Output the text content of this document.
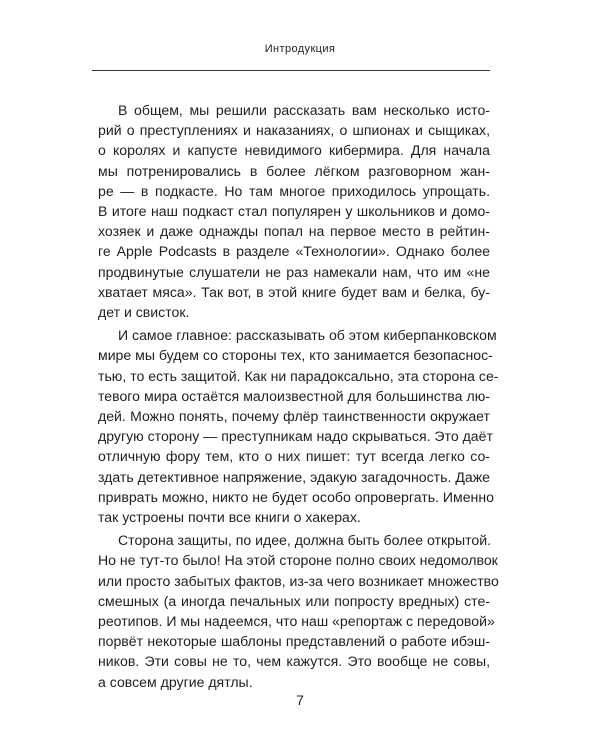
Интродукция

В общем, мы решили рассказать вам несколько исто-
рий о преступлениях и наказаниях, о шпионах и сыщиках,
о королях и капусте невидимого кибермира. Для начала
мы потренировались в более лёгком разговорном жан-
ре — в подкасте. Но там многое приходилось упрощать.
В итоге наш подкаст стал популярен у школьников и домо-
хозяек и даже однажды попал на первое место в рейтин-
ге Apple Podcasts в разделе «Технологии». Однако более
продвинутые слушатели не раз намекали нам, что им «не
хватает мяса». Так вот, в этой книге будет вам и белка, бу-
дет и свисток.

И самое главное: рассказывать об этом киберпанковском
мире мы будем со стороны тех, кто занимается безопаснос-
тью, то есть защитой. Как ни парадоксально, эта сторона се-
тевого мира остаётся малоизвестной для большинства лю-
дей. Можно понять, почему флёр таинственности окружает
другую сторону — преступникам надо скрываться. Это даёт
отличную фору тем, кто о них пишет: тут всегда легко со-
здать детективное напряжение, эдакую загадочность. Даже
приврать можно, никто не будет особо опровергать. Именно
так устроены почти все книги о хакерах.

Сторона защиты, по идее, должна быть более открытой.
Но не тут-то было! На этой стороне полно своих недомолвок
или просто забытых фактов, из-за чего возникает множество
смешных (а иногда печальных или попросту вредных) сте-
реотипов. И мы надеемся, что наш «репортаж с передовой»
порвёт некоторые шаблоны представлений о работе ибэш-
ников. Эти совы не то, чем кажутся. Это вообще не совы,
а совсем другие дятлы.

7
